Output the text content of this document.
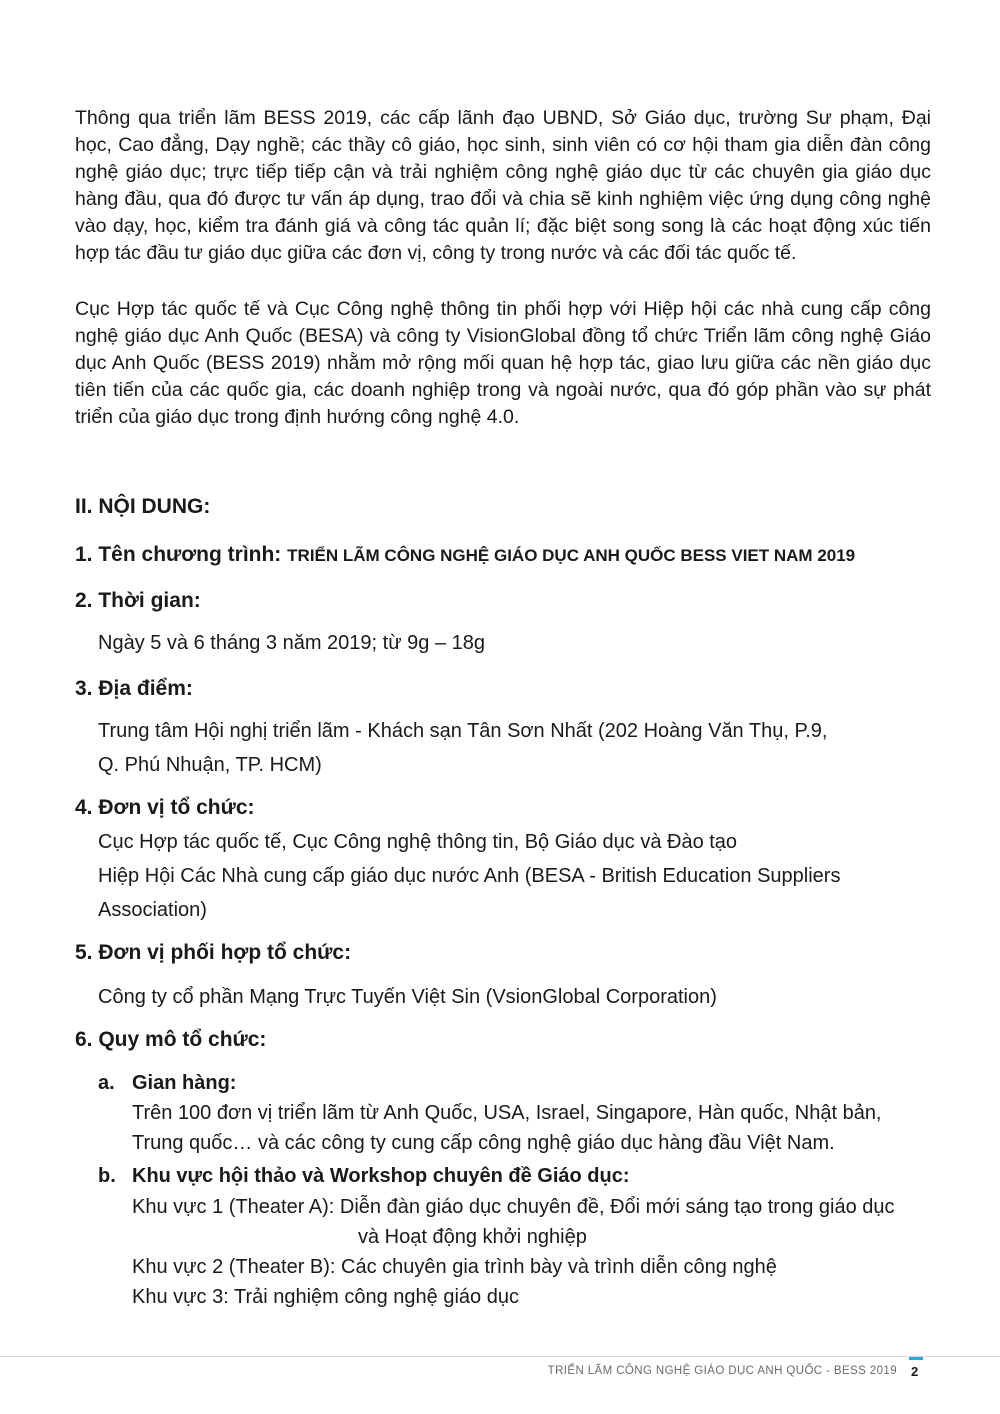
Thông qua triển lãm BESS 2019, các cấp lãnh đạo UBND, Sở Giáo dục, trường Sư phạm, Đại học, Cao đẳng, Dạy nghề; các thầy cô giáo, học sinh, sinh viên có cơ hội tham gia diễn đàn công nghệ giáo dục; trực tiếp tiếp cận và trải nghiệm công nghệ giáo dục từ các chuyên gia giáo dục hàng đầu, qua đó được tư vấn áp dụng, trao đổi và chia sẽ kinh nghiệm việc ứng dụng công nghệ vào dạy, học, kiểm tra đánh giá và công tác quản lí; đặc biệt song song là các hoạt động xúc tiến hợp tác đầu tư giáo dục giữa các đơn vị, công ty trong nước và các đối tác quốc tế.

Cục Hợp tác quốc tế và Cục Công nghệ thông tin phối hợp với Hiệp hội các nhà cung cấp công nghệ giáo dục Anh Quốc (BESA) và công ty VisionGlobal đồng tổ chức Triển lãm công nghệ Giáo dục Anh Quốc (BESS 2019) nhằm mở rộng mối quan hệ hợp tác, giao lưu giữa các nền giáo dục tiên tiến của các quốc gia, các doanh nghiệp trong và ngoài nước, qua đó góp phần vào sự phát triển của giáo dục trong định hướng công nghệ 4.0.

II. NỘI DUNG:
1. Tên chương trình: TRIỂN LÃM CÔNG NGHỆ GIÁO DỤC ANH QUỐC BESS VIET NAM 2019
2. Thời gian:

Ngày 5 và 6 tháng 3 năm 2019; từ 9g – 18g

3. Địa điểm:

Trung tâm Hội nghị triển lãm - Khách sạn Tân Sơn Nhất (202 Hoàng Văn Thụ, P.9,

Q. Phú Nhuận, TP. HCM)

4. Đơn vị tổ chức:

Cục Hợp tác quốc tế, Cục Công nghệ thông tin, Bộ Giáo dục và Đào tạo

Hiệp Hội Các Nhà cung cấp giáo dục nước Anh (BESA - British Education Suppliers

Association)

5. Đơn vị phối hợp tổ chức:

Công ty cổ phần Mạng Trực Tuyến Việt Sin (VsionGlobal Corporation)

6. Quy mô tổ chức:
a. Gian hàng:

Trên 100 đơn vị triển lãm từ Anh Quốc, USA, Israel, Singapore, Hàn quốc, Nhật bản,

Trung quốc… và các công ty cung cấp công nghệ giáo dục hàng đầu Việt Nam.

b. Khu vực hội thảo và Workshop chuyên đề Giáo dục:

Khu vực 1 (Theater A): Diễn đàn giáo dục chuyên đề, Đổi mới sáng tạo trong giáo dục

và Hoạt động khởi nghiệp

Khu vực 2 (Theater B): Các chuyên gia trình bày và trình diễn công nghệ

Khu vực 3: Trải nghiệm công nghệ giáo dục

TRIỂN LÃM CÔNG NGHỆ GIÁO DỤC ANH QUỐC - BESS 2019 2
